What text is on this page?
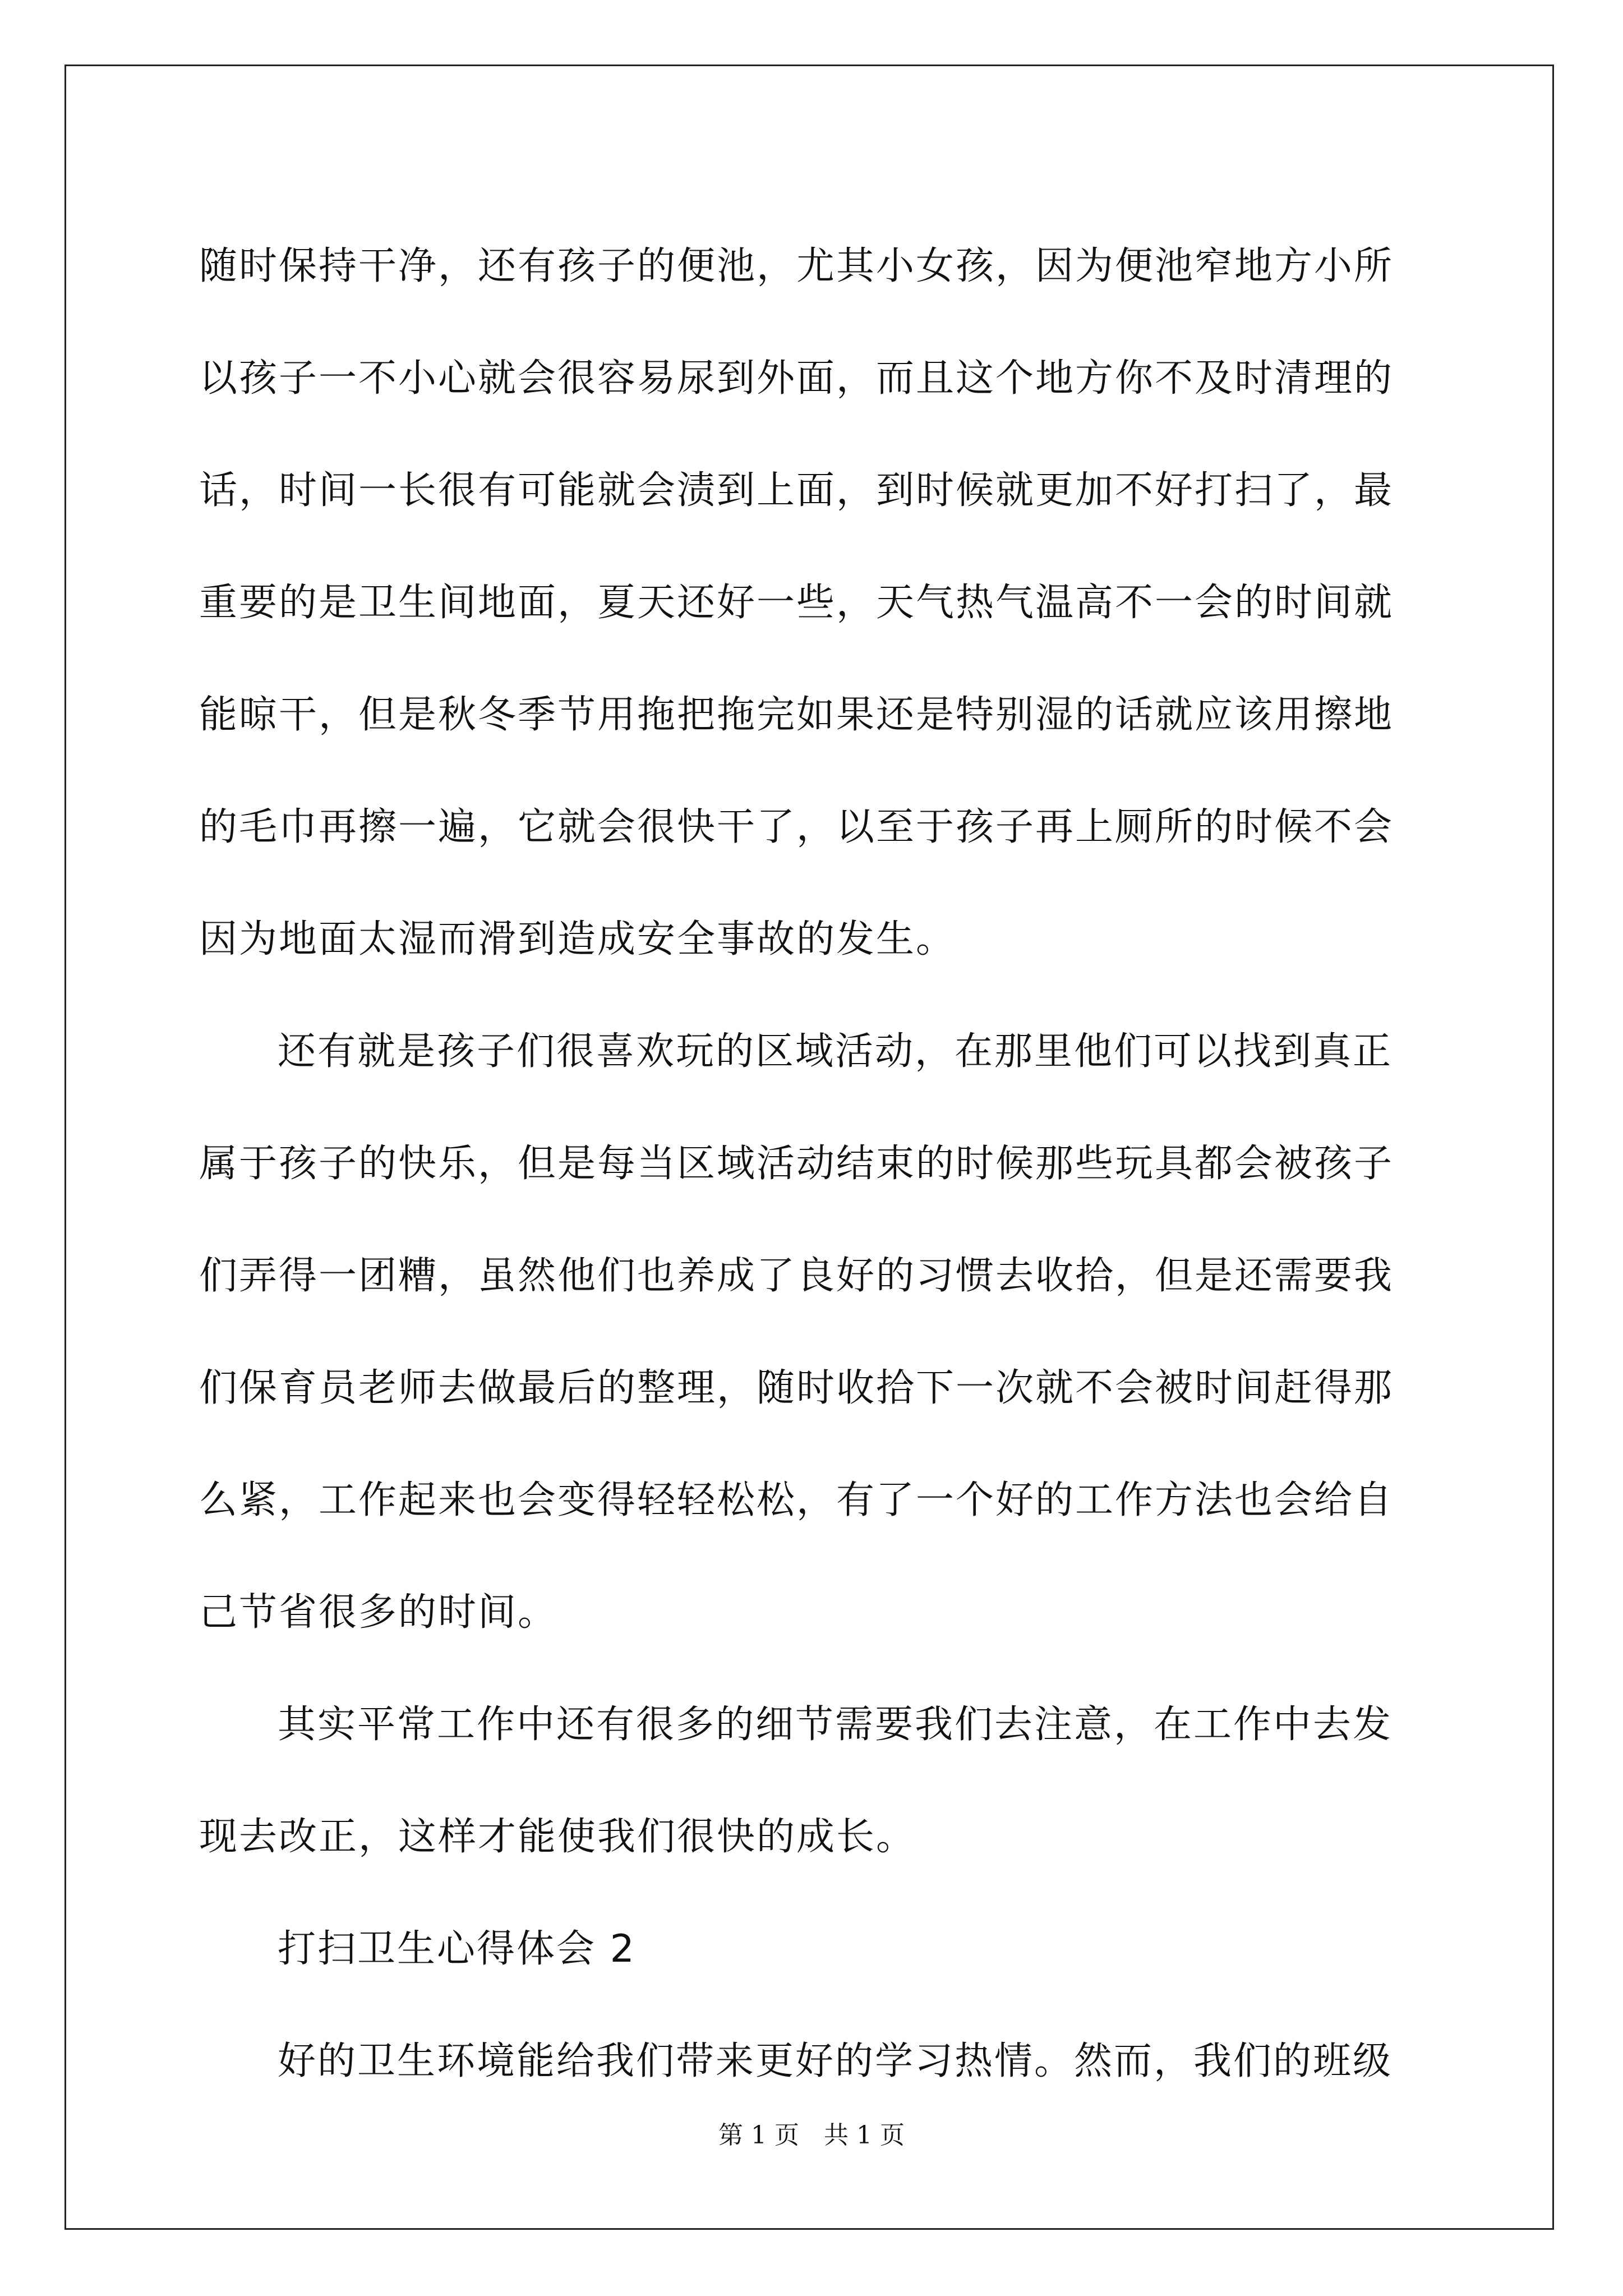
随时保持干净，还有孩子的便池，尤其小女孩，因为便池窄地方小所
以孩子一不小心就会很容易尿到外面，而且这个地方你不及时清理的
话，时间一长很有可能就会渍到上面，到时候就更加不好打扫了，最
重要的是卫生间地面，夏天还好一些，天气热气温高不一会的时间就
能晾干，但是秋冬季节用拖把拖完如果还是特别湿的话就应该用擦地
的毛巾再擦一遍，它就会很快干了，以至于孩子再上厕所的时候不会
因为地面太湿而滑到造成安全事故的发生。
还有就是孩子们很喜欢玩的区域活动，在那里他们可以找到真正
属于孩子的快乐，但是每当区域活动结束的时候那些玩具都会被孩子
们弄得一团糟，虽然他们也养成了良好的习惯去收拾，但是还需要我
们保育员老师去做最后的整理，随时收拾下一次就不会被时间赶得那
么紧，工作起来也会变得轻轻松松，有了一个好的工作方法也会给自
己节省很多的时间。
其实平常工作中还有很多的细节需要我们去注意，在工作中去发
现去改正，这样才能使我们很快的成长。
打扫卫生心得体会 2
好的卫生环境能给我们带来更好的学习热情。然而，我们的班级
第 1 页　共 1 页
